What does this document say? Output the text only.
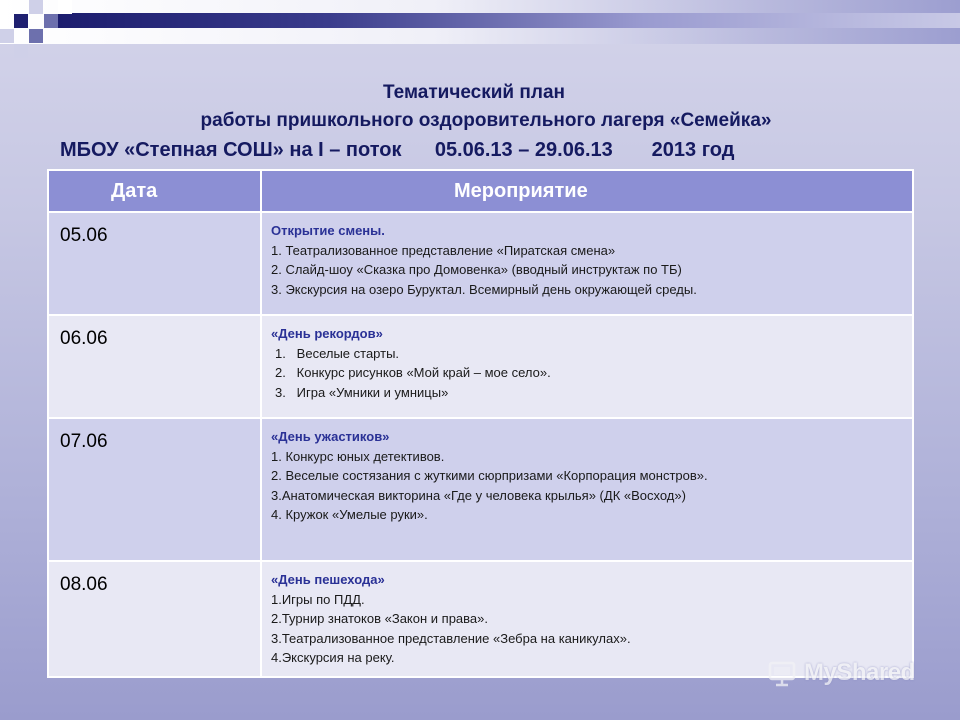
Тематический план
работы пришкольного оздоровительного лагеря «Семейка»
МБОУ «Степная СОШ» на I – поток      05.06.13 – 29.06.13       2013 год
Дата	Мероприятие
05.06	Открытие смены.
1. Театрализованное представление «Пиратская смена»
2. Слайд-шоу «Сказка про Домовенка» (вводный инструктаж по ТБ)
3. Экскурсия на озеро Буруктал. Всемирный день окружающей среды.
06.06	«День рекордов»
1.   Веселые старты.
2.   Конкурс рисунков «Мой край – мое село».
3.   Игра «Умники и умницы»
07.06	«День ужастиков»
1. Конкурс юных детективов.
2. Веселые состязания с жуткими сюрпризами «Корпорация монстров».
3.Анатомическая викторина «Где у человека крылья» (ДК «Восход»)
4. Кружок «Умелые руки».
08.06	«День пешехода»
1.Игры по ПДД.
2.Турнир знатоков «Закон и права».
3.Театрализованное представление «Зебра на каникулах».
4.Экскурсия на реку.
MyShared
